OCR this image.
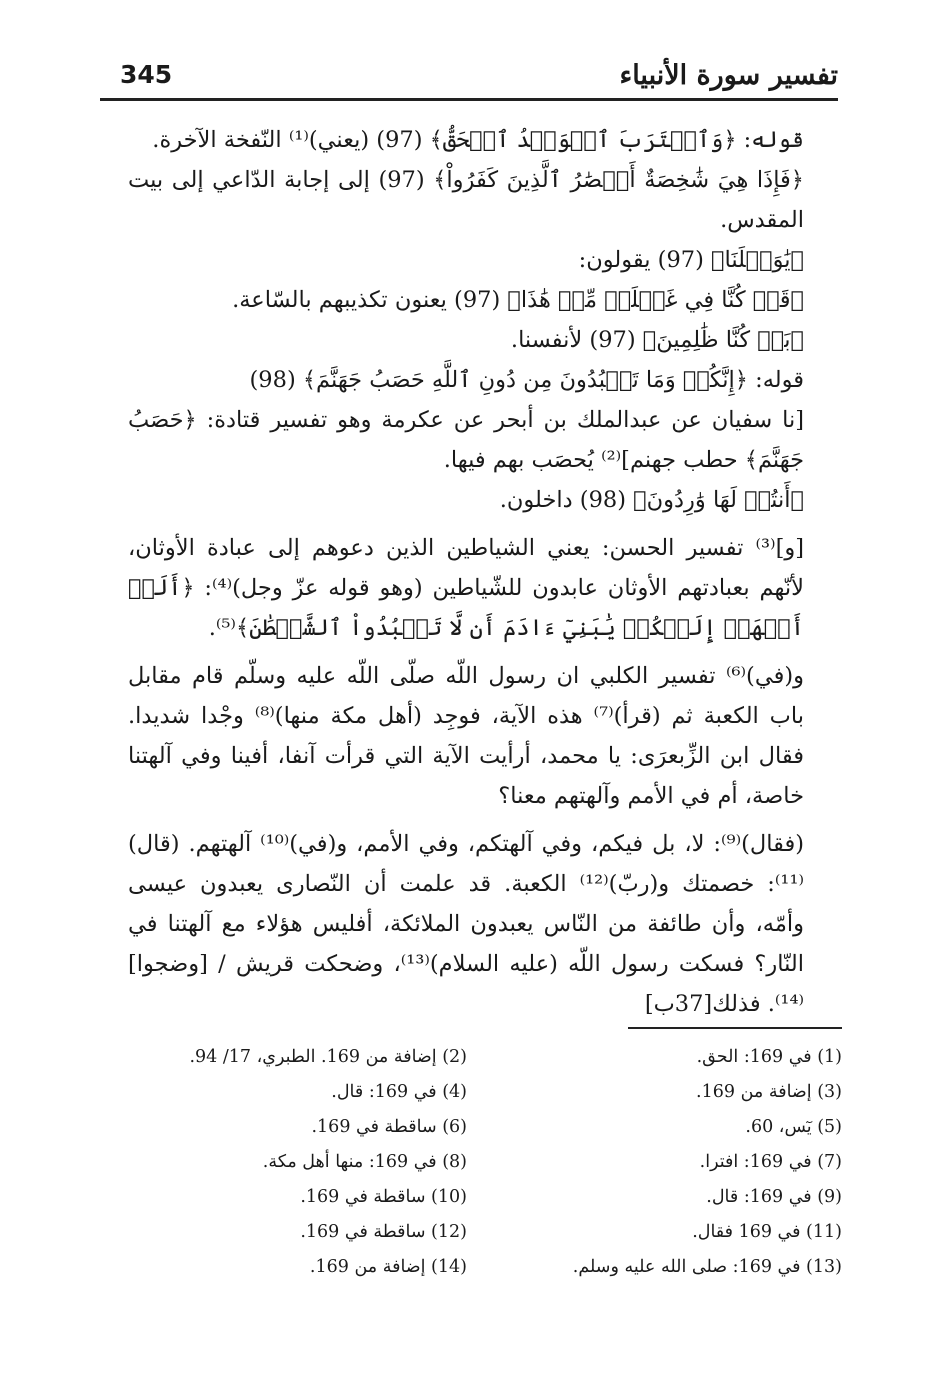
تفسير سورة الأنبياء
345

قوله: ﴿وَٱقۡتَرَبَ ٱلۡوَعۡدُ ٱلۡحَقُّ﴾ (97) (يعني)⁽¹⁾ النّفخة الآخرة.

﴿فَإِذَا هِيَ شَٰخِصَةٌ أَبۡصَٰرُ ٱلَّذِينَ كَفَرُواْ﴾ (97) إلى إجابة الدّاعي إلى بيت المقدس.

﴿يَٰوَيۡلَنَا﴾ (97) يقولون:

﴿قَدۡ كُنَّا فِي غَفۡلَةٖ مِّنۡ هَٰذَا﴾ (97) يعنون تكذيبهم بالسّاعة.

﴿بَلۡ كُنَّا ظَٰلِمِينَ﴾ (97) لأنفسنا.

قوله: ﴿إِنَّكُمۡ وَمَا تَعۡبُدُونَ مِن دُونِ ٱللَّهِ حَصَبُ جَهَنَّمَ﴾ (98)

[نا سفيان عن عبدالملك بن أبحر عن عكرمة وهو تفسير قتادة: ﴿حَصَبُ جَهَنَّمَ﴾ حطب جهنم]⁽²⁾ يُحصَب بهم فيها.

﴿أَنتُمۡ لَهَا وَٰرِدُونَ﴾ (98) داخلون.

[و]⁽³⁾ تفسير الحسن: يعني الشياطين الذين دعوهم إلى عبادة الأوثان، لأنّهم بعبادتهم الأوثان عابدون للشّياطين (وهو قوله عزّ وجل)⁽⁴⁾: ﴿أَلَمۡ أَعۡهَدۡ إِلَيۡكُمۡ يَٰبَنِيٓ ءَادَمَ أَن لَّا تَعۡبُدُواْ ٱلشَّيۡطَٰنَ﴾⁽⁵⁾.

و(في)⁽⁶⁾ تفسير الكلبي ان رسول اللّه صلّى اللّه عليه وسلّم قام مقابل باب الكعبة ثم (قرأ)⁽⁷⁾ هذه الآية، فوجِد (أهل مكة منها)⁽⁸⁾ وجْدا شديدا. فقال ابن الزِّبعرَى: يا محمد، أرأيت الآية التي قرأت آنفا، أفينا وفي آلهتنا خاصة، أم في الأمم وآلهتهم معنا؟

(فقال)⁽⁹⁾: لا، بل فيكم، وفي آلهتكم، وفي الأمم، و(في)⁽¹⁰⁾ آلهتهم. (قال)⁽¹¹⁾: خصمتك و(ربّ)⁽¹²⁾ الكعبة. قد علمت أن النّصارى يعبدون عيسى وأمّه، وأن طائفة من النّاس يعبدون الملائكة، أفليس هؤلاء مع آلهتنا في النّار؟ فسكت رسول اللّه (عليه السلام)⁽¹³⁾، وضحكت قريش / [وضجوا]⁽¹⁴⁾. فذلك[37ب]

(1) في 169: الحق.
(2) إضافة من 169. الطبري، 17/ 94.
(3) إضافة من 169.
(4) في 169: قال.
(5) يٓس، 60.
(6) ساقطة في 169.
(7) في 169: افترا.
(8) في 169: منها أهل مكة.
(9) في 169: قال.
(10) ساقطة في 169.
(11) في 169 فقال.
(12) ساقطة في 169.
(13) في 169: صلى الله عليه وسلم.
(14) إضافة من 169.
